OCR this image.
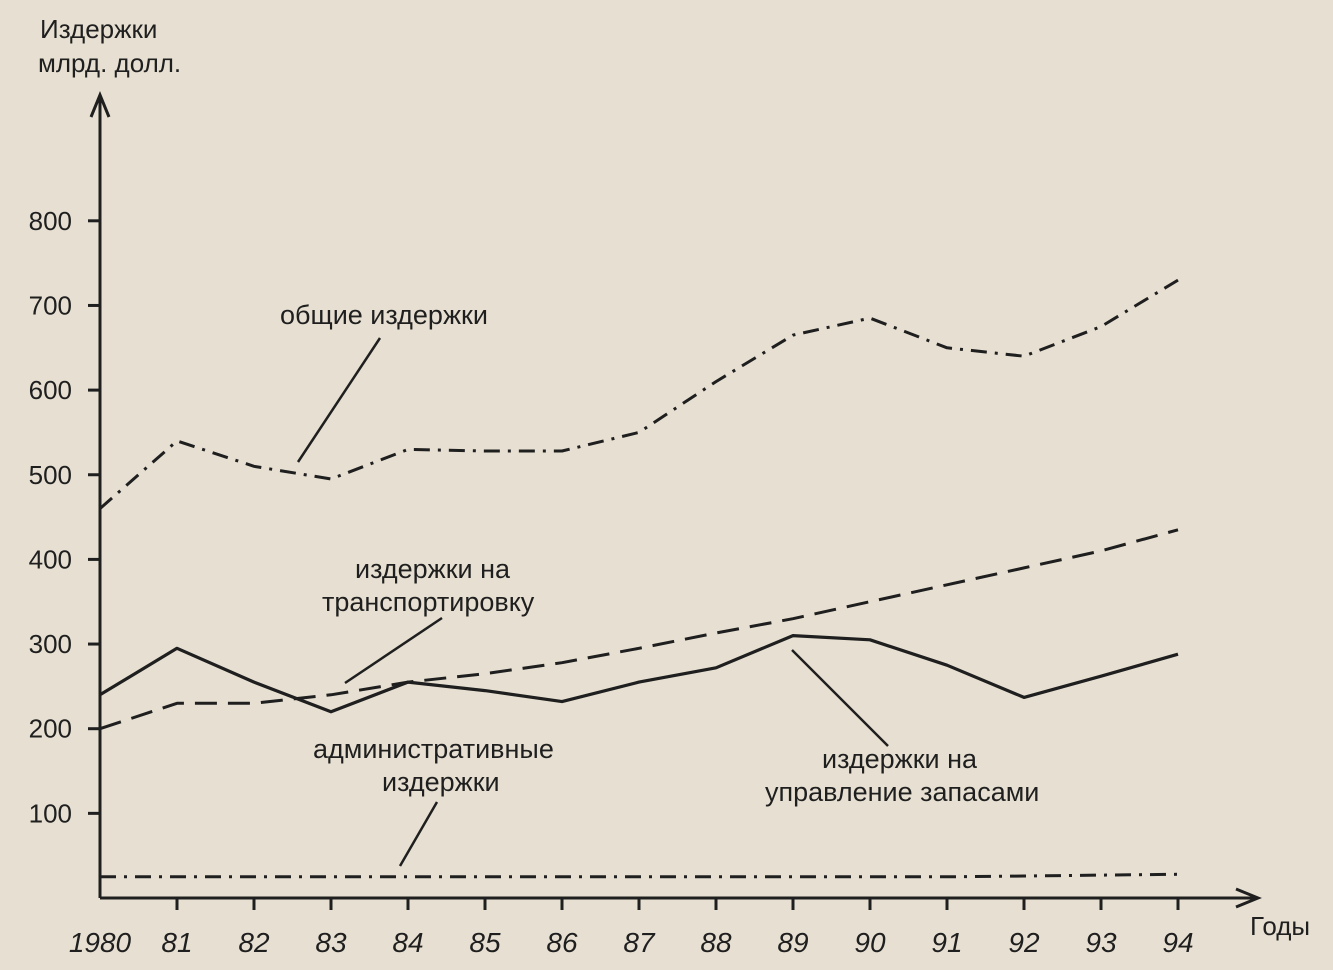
Издержки
млрд. долл.
Годы
100
200
300
400
500
600
700
800
1980 81 82 83 84 85 86 87 88 89 90 91 92 93 94
общие издержки
издержки на
транспортировку
административные
издержки
издержки на
управление запасами
